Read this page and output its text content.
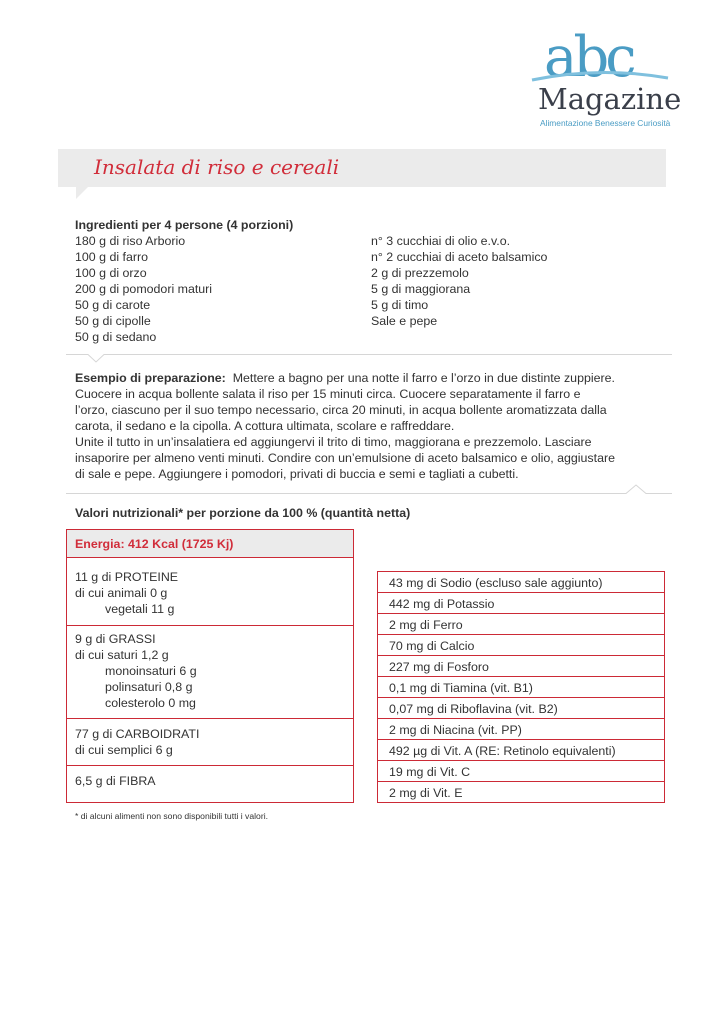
abc
Magazine
Alimentazione Benessere Curiosità
Insalata di riso e cereali
Ingredienti per 4 persone (4 porzioni)
180 g di riso Arborio
100 g di farro
100 g di orzo
200 g di pomodori maturi
50 g di carote
50 g di cipolle
50 g di sedano
n° 3 cucchiai di olio e.v.o.
n° 2 cucchiai di aceto balsamico
2 g di prezzemolo
5 g di maggiorana
5 g di timo
Sale e pepe
Esempio di preparazione: Mettere a bagno per una notte il farro e l’orzo in due distinte zuppiere.
Cuocere in acqua bollente salata il riso per 15 minuti circa. Cuocere separatamente il farro e
l’orzo, ciascuno per il suo tempo necessario, circa 20 minuti, in acqua bollente aromatizzata dalla
carota, il sedano e la cipolla. A cottura ultimata, scolare e raffreddare.
Unite il tutto in un’insalatiera ed aggiungervi il trito di timo, maggiorana e prezzemolo. Lasciare
insaporire per almeno venti minuti. Condire con un’emulsione di aceto balsamico e olio, aggiustare
di sale e pepe. Aggiungere i pomodori, privati di buccia e semi e tagliati a cubetti.
Valori nutrizionali* per porzione da 100 % (quantità netta)
Energia: 412 Kcal (1725 Kj)
11 g di PROTEINE
di cui animali 0 g
vegetali 11 g
9 g di GRASSI
di cui saturi 1,2 g
monoinsaturi 6 g
polinsaturi 0,8 g
colesterolo 0 mg
77 g di CARBOIDRATI
di cui semplici 6 g
6,5 g di FIBRA
43 mg di Sodio (escluso sale aggiunto)
442 mg di Potassio
2 mg di Ferro
70 mg di Calcio
227 mg di Fosforo
0,1 mg di Tiamina (vit. B1)
0,07 mg di Riboflavina (vit. B2)
2 mg di Niacina (vit. PP)
492 µg di Vit. A (RE: Retinolo equivalenti)
19 mg di Vit. C
2 mg di Vit. E
* di alcuni alimenti non sono disponibili tutti i valori.
